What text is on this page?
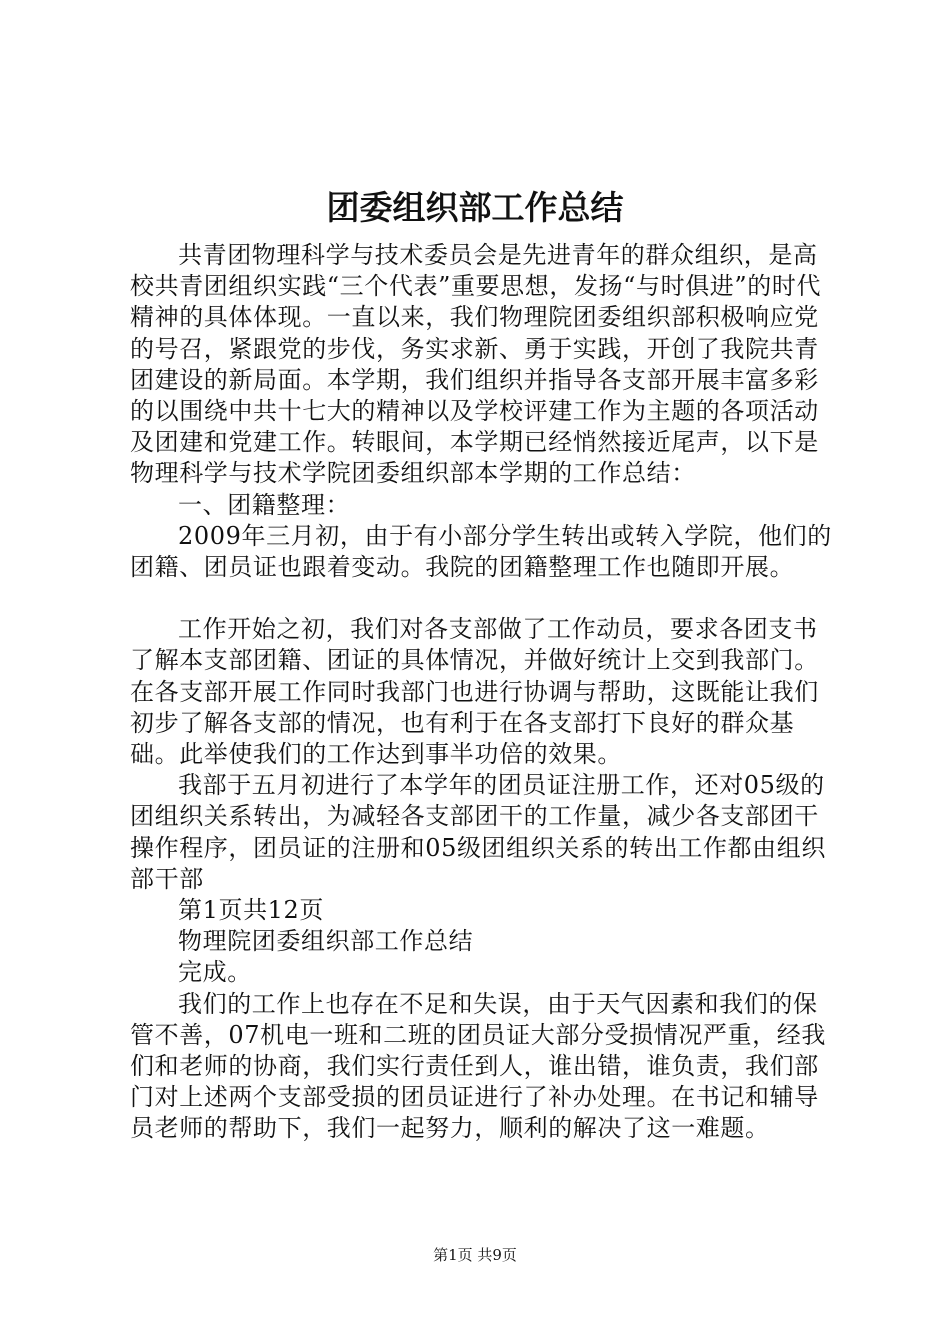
团委组织部工作总结

共青团物理科学与技术委员会是先进青年的群众组织，是高校共青团组织实践“三个代表”重要思想，发扬“与时俱进”的时代精神的具体体现。一直以来，我们物理院团委组织部积极响应党的号召，紧跟党的步伐，务实求新、勇于实践，开创了我院共青团建设的新局面。本学期，我们组织并指导各支部开展丰富多彩的以围绕中共十七大的精神以及学校评建工作为主题的各项活动及团建和党建工作。转眼间，本学期已经悄然接近尾声，以下是物理科学与技术学院团委组织部本学期的工作总结：

一、团籍整理：

2009年三月初，由于有小部分学生转出或转入学院，他们的团籍、团员证也跟着变动。我院的团籍整理工作也随即开展。

工作开始之初，我们对各支部做了工作动员，要求各团支书了解本支部团籍、团证的具体情况，并做好统计上交到我部门。在各支部开展工作同时我部门也进行协调与帮助，这既能让我们初步了解各支部的情况，也有利于在各支部打下良好的群众基础。此举使我们的工作达到事半功倍的效果。

我部于五月初进行了本学年的团员证注册工作，还对05级的团组织关系转出，为减轻各支部团干的工作量，减少各支部团干操作程序，团员证的注册和05级团组织关系的转出工作都由组织部干部

第1页共12页

物理院团委组织部工作总结

完成。

我们的工作上也存在不足和失误，由于天气因素和我们的保管不善，07机电一班和二班的团员证大部分受损情况严重，经我们和老师的协商，我们实行责任到人，谁出错，谁负责，我们部门对上述两个支部受损的团员证进行了补办处理。在书记和辅导员老师的帮助下，我们一起努力，顺利的解决了这一难题。

第1页 共9页
